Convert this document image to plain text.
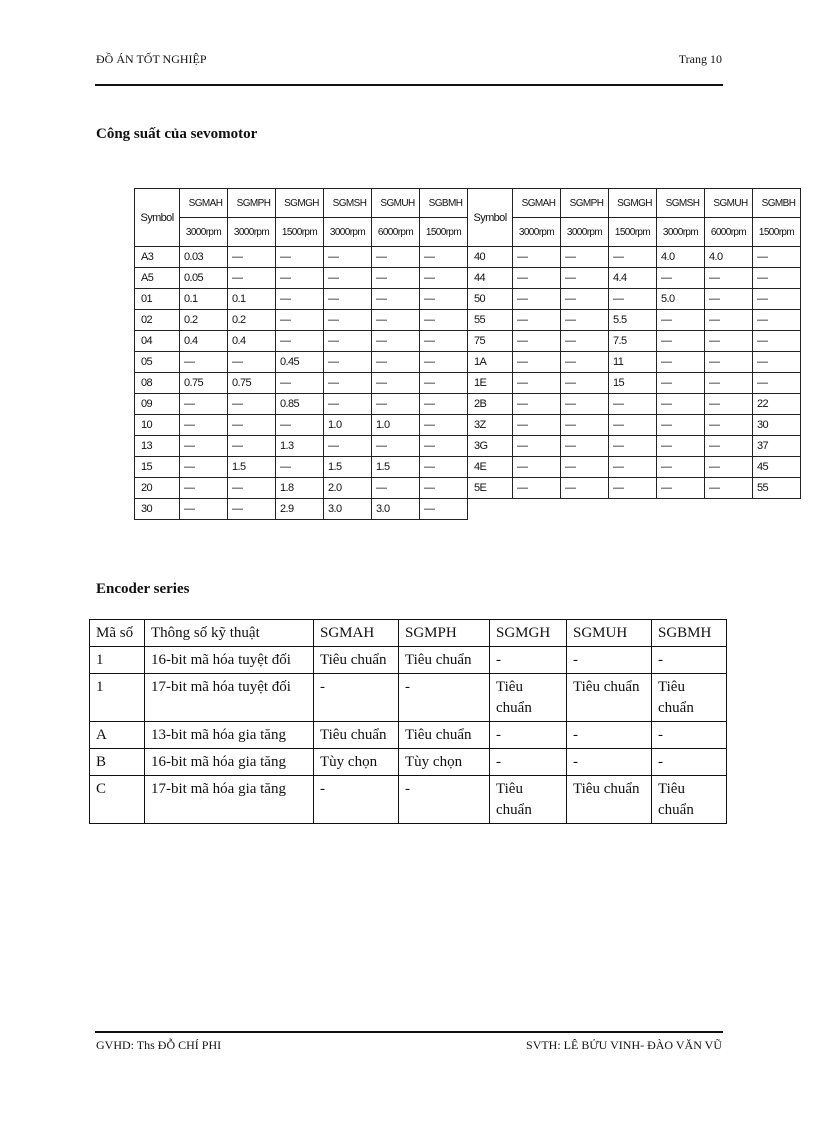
ĐỒ ÁN TỐT NGHIỆP	Trang 10
Công suất của sevomotor
Symbol	SGMAH	SGMPH	SGMGH	SGMSH	SGMUH	SGBMH	Symbol	SGMAH	SGMPH	SGMGH	SGMSH	SGMUH	SGMBH
	3000rpm	3000rpm	1500rpm	3000rpm	6000rpm	1500rpm		3000rpm	3000rpm	1500rpm	3000rpm	6000rpm	1500rpm
A3	0.03	—	—	—	—	—	40	—	—	—	4.0	4.0	—
A5	0.05	—	—	—	—	—	44	—	—	4.4	—	—	—
01	0.1	0.1	—	—	—	—	50	—	—	—	5.0	—	—
02	0.2	0.2	—	—	—	—	55	—	—	5.5	—	—	—
04	0.4	0.4	—	—	—	—	75	—	—	7.5	—	—	—
05	—	—	0.45	—	—	—	1A	—	—	11	—	—	—
08	0.75	0.75	—	—	—	—	1E	—	—	15	—	—	—
09	—	—	0.85	—	—	—	2B	—	—	—	—	—	22
10	—	—	—	1.0	1.0	—	3Z	—	—	—	—	—	30
13	—	—	1.3	—	—	—	3G	—	—	—	—	—	37
15	—	1.5	—	1.5	1.5	—	4E	—	—	—	—	—	45
20	—	—	1.8	2.0	—	—	5E	—	—	—	—	—	55
30	—	—	2.9	3.0	3.0	—							
Encoder series
Mã số	Thông số kỹ thuật	SGMAH	SGMPH	SGMGH	SGMUH	SGBMH
1	16-bit mã hóa tuyệt đối	Tiêu chuẩn	Tiêu chuẩn	-	-	-
1	17-bit mã hóa tuyệt đối	-	-	Tiêu chuẩn	Tiêu chuẩn	Tiêu chuẩn
A	13-bit mã hóa gia tăng	Tiêu chuẩn	Tiêu chuẩn	-	-	-
B	16-bit mã hóa gia tăng	Tùy chọn	Tùy chọn	-	-	-
C	17-bit mã hóa gia tăng	-	-	Tiêu chuẩn	Tiêu chuẩn	Tiêu chuẩn
GVHD: Ths ĐỖ CHÍ PHI	SVTH: LÊ BỬU VINH- ĐÀO VĂN VŨ
